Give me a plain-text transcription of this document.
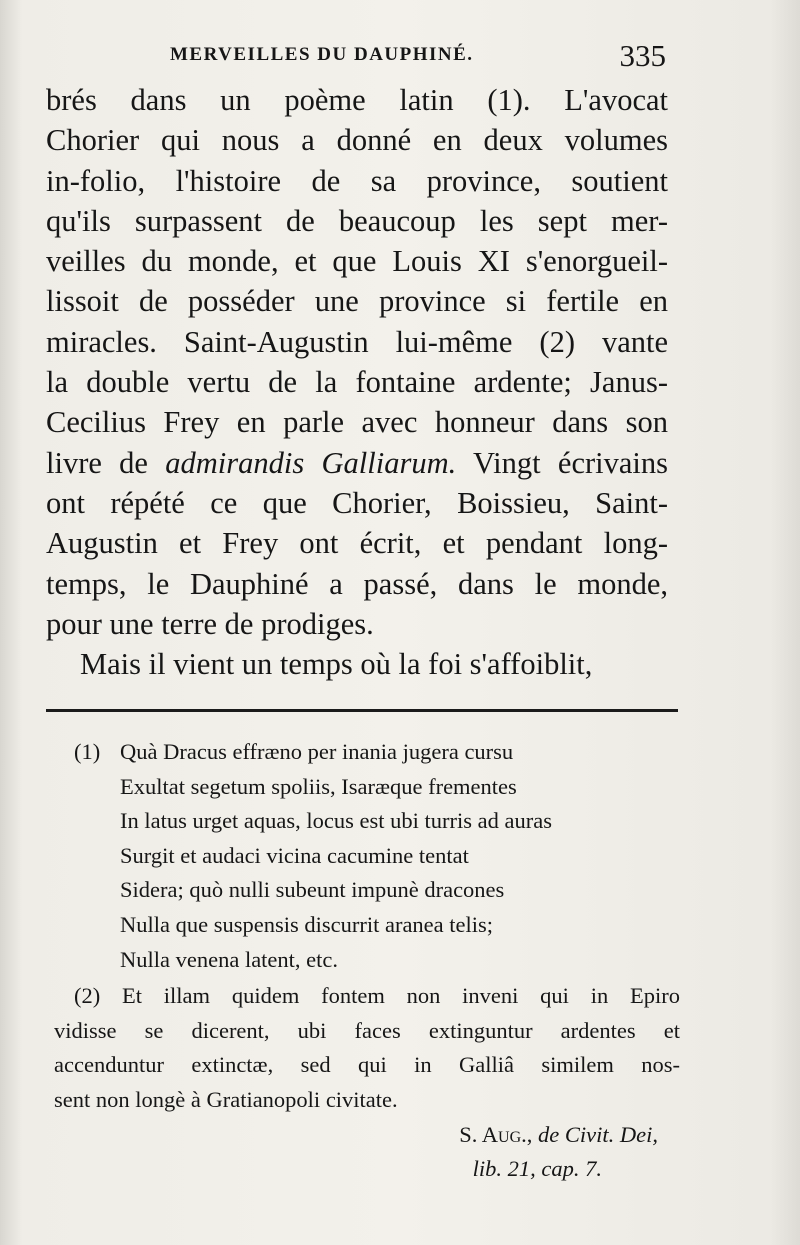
MERVEILLES DU DAUPHINÉ.	335
brés dans un poème latin (1). L'avocat
Chorier qui nous a donné en deux volumes
in-folio, l'histoire de sa province, soutient
qu'ils surpassent de beaucoup les sept mer-
veilles du monde, et que Louis XI s'enorgueil-
lissoit de posséder une province si fertile en
miracles. Saint-Augustin lui-même (2) vante
la double vertu de la fontaine ardente; Janus-
Cecilius Frey en parle avec honneur dans son
livre de admirandis Galliarum. Vingt écrivains
ont répété ce que Chorier, Boissieu, Saint-
Augustin et Frey ont écrit, et pendant long-
temps, le Dauphiné a passé, dans le monde,
pour une terre de prodiges.
Mais il vient un temps où la foi s'affoiblit,
(1) Quà Dracus effræno per inania jugera cursu
Exultat segetum spoliis, Isaræque frementes
In latus urget aquas, locus est ubi turris ad auras
Surgit et audaci vicina cacumine tentat
Sidera; quò nulli subeunt impunè dracones
Nulla que suspensis discurrit aranea telis;
Nulla venena latent, etc.
(2) Et illam quidem fontem non inveni qui in Epiro
vidisse se dicerent, ubi faces extinguntur ardentes et
accenduntur extinctæ, sed qui in Galliâ similem nos-
sent non longè à Gratianopoli civitate.
S. Aug., de Civit. Dei,
lib. 21, cap. 7.
